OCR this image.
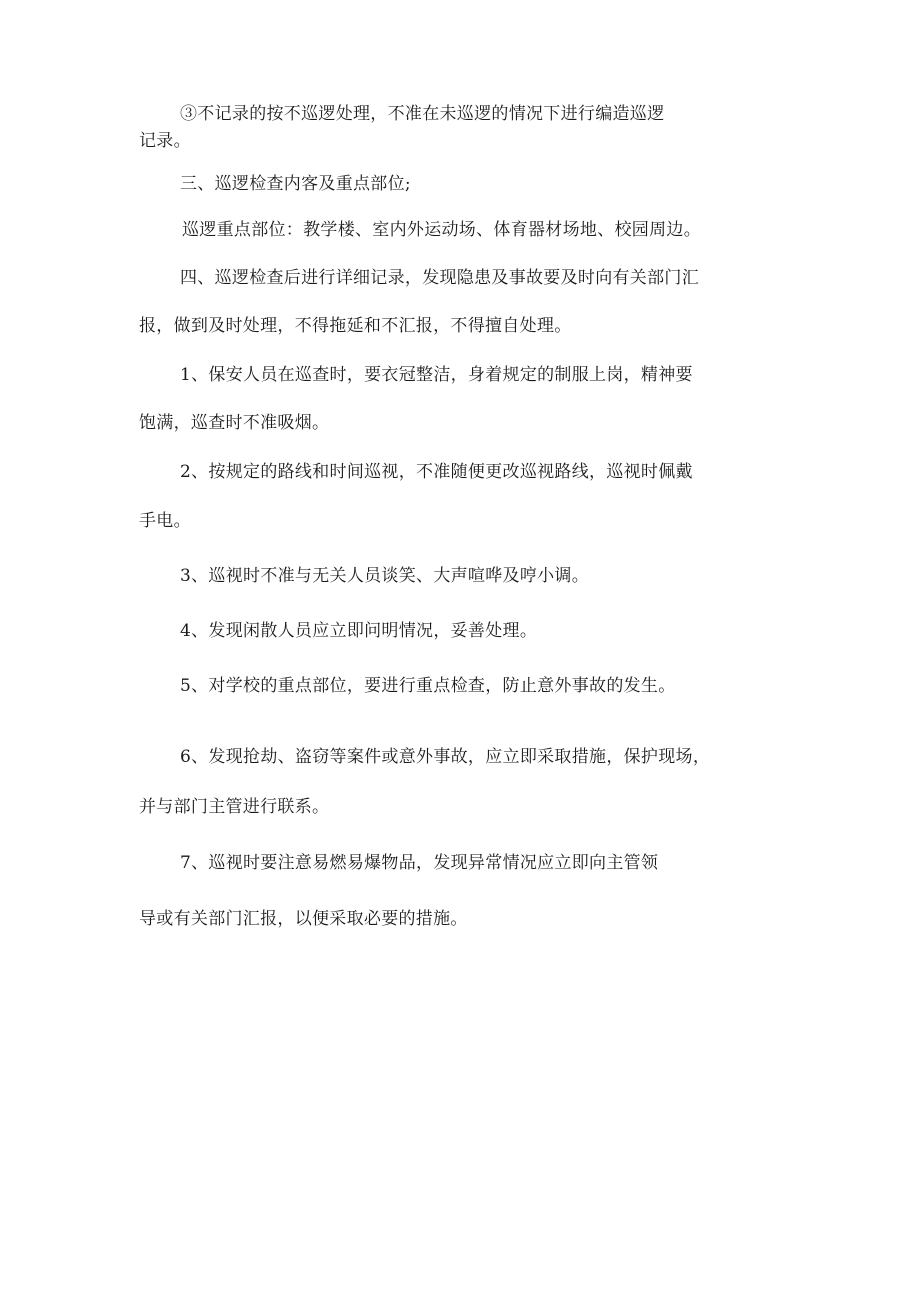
③不记录的按不巡逻处理，不准在未巡逻的情况下进行编造巡逻
记录。
三、巡逻检查内客及重点部位;
巡逻重点部位：教学楼、室内外运动场、体育器材场地、校园周边。
四、巡逻检查后进行详细记录，发现隐患及事故要及时向有关部门汇
报，做到及时处理，不得拖延和不汇报，不得擅自处理。
1、保安人员在巡查时，要衣冠整洁，身着规定的制服上岗，精神要
饱满，巡查时不准吸烟。
2、按规定的路线和时间巡视，不准随便更改巡视路线，巡视时佩戴
手电。
3、巡视时不准与无关人员谈笑、大声喧哗及哼小调。
4、发现闲散人员应立即问明情况，妥善处理。
5、对学校的重点部位，要进行重点检查，防止意外事故的发生。
6、发现抢劫、盗窃等案件或意外事故，应立即采取措施，保护现场，
并与部门主管进行联系。
7、巡视时要注意易燃易爆物品，发现异常情况应立即向主管领
导或有关部门汇报，以便采取必要的措施。
